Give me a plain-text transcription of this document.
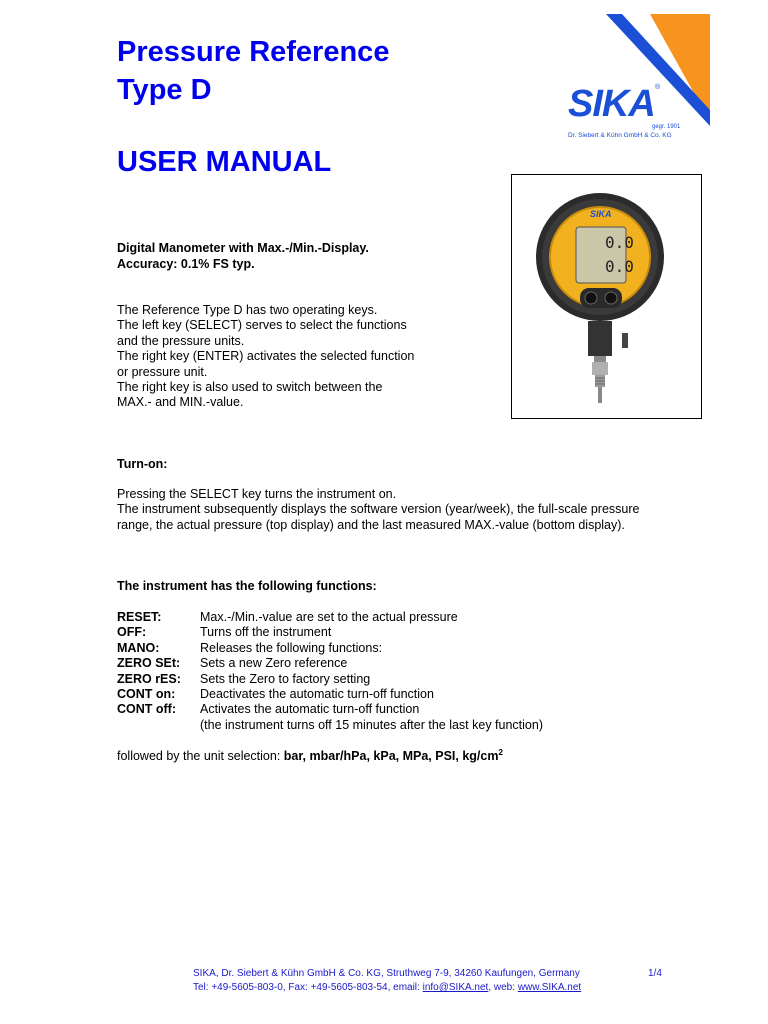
Pressure Reference
Type D
USER MANUAL
SIKA ®
gegr. 1901
Dr. Siebert & Kühn GmbH & Co. KG
SIKA
0.0
0.0
Digital Manometer with Max.-/Min.-Display.
Accuracy: 0.1% FS typ.
The Reference Type D has two operating keys.
The left key (SELECT) serves to select the functions
and the pressure units.
The right key (ENTER) activates the selected function
or pressure unit.
The right key is also used to switch between the
MAX.- and MIN.-value.
Turn-on:
Pressing the SELECT key turns the instrument on.
The instrument subsequently displays the software version (year/week), the full-scale pressure
range, the actual pressure (top display) and the last measured MAX.-value (bottom display).
The instrument has the following functions:
RESET:	Max.-/Min.-value are set to the actual pressure
OFF:	Turns off the instrument
MANO:	Releases the following functions:
ZERO SEt:	Sets a new Zero reference
ZERO rES:	Sets the Zero to factory setting
CONT on:	Deactivates the automatic turn-off function
CONT off:	Activates the automatic turn-off function
(the instrument turns off 15 minutes after the last key function)
followed by the unit selection: bar, mbar/hPa, kPa, MPa, PSI, $kg/cm^2$
SIKA, Dr. Siebert & Kühn GmbH & Co. KG, Struthweg 7-9, 34260 Kaufungen, Germany	1/4
Tel: +49-5605-803-0, Fax: +49-5605-803-54, email: info@SIKA.net, web: www.SIKA.net
